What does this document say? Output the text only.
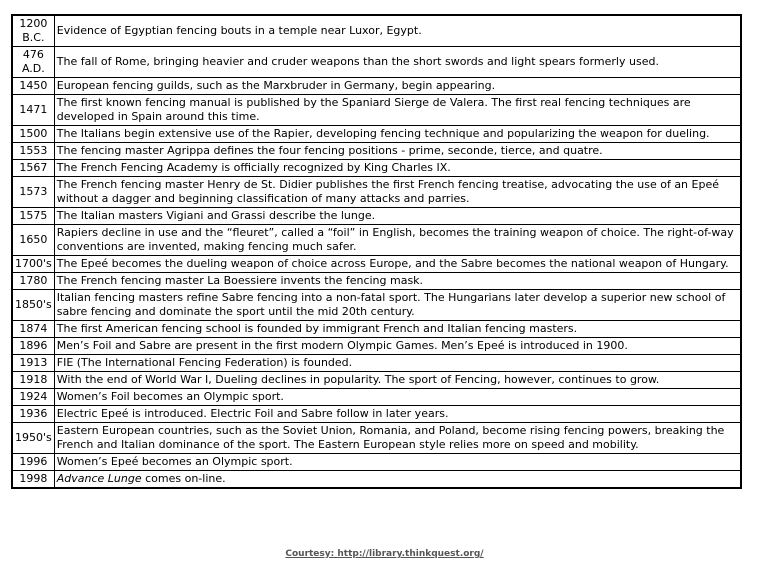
1200
B.C.	Evidence of Egyptian fencing bouts in a temple near Luxor, Egypt.

476
A.D.	The fall of Rome, bringing heavier and cruder weapons than the short swords and light spears formerly used.

1450	European fencing guilds, such as the Marxbruder in Germany, begin appearing.

1471	The first known fencing manual is published by the Spaniard Sierge de Valera. The first real fencing techniques are developed in Spain around this time.

1500	The Italians begin extensive use of the Rapier, developing fencing technique and popularizing the weapon for dueling.

1553	The fencing master Agrippa defines the four fencing positions - prime, seconde, tierce, and quatre.

1567	The French Fencing Academy is officially recognized by King Charles IX.

1573	The French fencing master Henry de St. Didier publishes the first French fencing treatise, advocating the use of an Epeé without a dagger and beginning classification of many attacks and parries.

1575	The Italian masters Vigiani and Grassi describe the lunge.

1650	Rapiers decline in use and the “fleuret”, called a “foil” in English, becomes the training weapon of choice. The right-of-way conventions are invented, making fencing much safer.

1700's	The Epeé becomes the dueling weapon of choice across Europe, and the Sabre becomes the national weapon of Hungary.

1780	The French fencing master La Boessiere invents the fencing mask.

1850's	Italian fencing masters refine Sabre fencing into a non-fatal sport. The Hungarians later develop a superior new school of sabre fencing and dominate the sport until the mid 20th century.

1874	The first American fencing school is founded by immigrant French and Italian fencing masters.

1896	Men’s Foil and Sabre are present in the first modern Olympic Games. Men’s Epeé is introduced in 1900.

1913	FIE (The International Fencing Federation) is founded.

1918	With the end of World War I, Dueling declines in popularity. The sport of Fencing, however, continues to grow.

1924	Women’s Foil becomes an Olympic sport.

1936	Electric Epeé is introduced. Electric Foil and Sabre follow in later years.

1950's	Eastern European countries, such as the Soviet Union, Romania, and Poland, become rising fencing powers, breaking the French and Italian dominance of the sport. The Eastern European style relies more on speed and mobility.

1996	Women’s Epeé becomes an Olympic sport.

1998	Advance Lunge comes on-line.
Courtesy: http://library.thinkquest.org/
